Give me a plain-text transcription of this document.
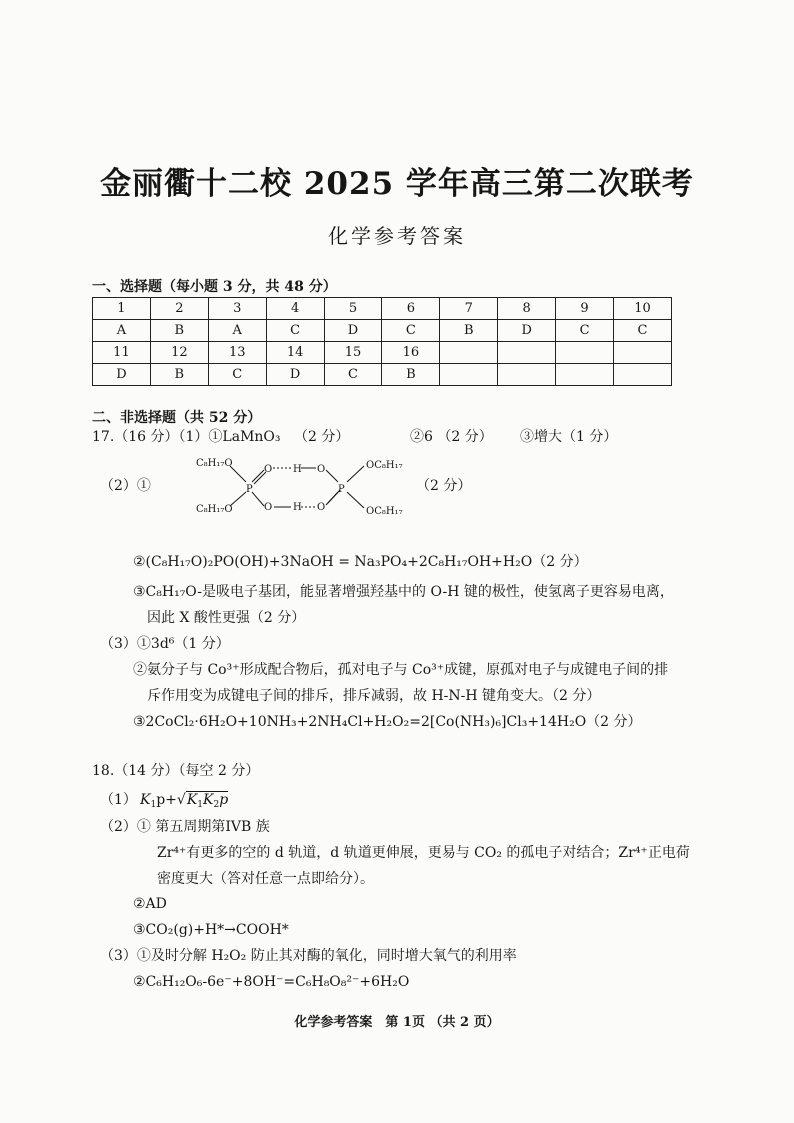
金丽衢十二校 2025 学年高三第二次联考
化学参考答案
一、选择题（每小题 3 分，共 48 分）
1	2	3	4	5	6	7	8	9	10
A	B	A	C	D	C	B	D	C	C
11	12	13	14	15	16				
D	B	C	D	C	B				
二、非选择题（共 52 分）
17.（16 分）（1）①LaMnO₃ （2 分）	②6 （2 分） ③增大（1 分）
（2）①
C₈H₁₇O
C₈H₁₇O
P
O H O
O H O
P
OC₈H₁₇
OC₈H₁₇
（2 分）
②(C₈H₁₇O)₂PO(OH)+3NaOH = Na₃PO₄+2C₈H₁₇OH+H₂O（2 分）
③C₈H₁₇O-是吸电子基团，能显著增强羟基中的 O-H 键的极性，使氢离子更容易电离，
因此 X 酸性更强（2 分）
（3）①3d⁶（1 分）
②氨分子与 Co³⁺形成配合物后，孤对电子与 Co³⁺成键，原孤对电子与成键电子间的排
斥作用变为成键电子间的排斥，排斥减弱，故 H-N-H 键角变大。（2 分）
③2CoCl₂·6H₂O+10NH₃+2NH₄Cl+H₂O₂=2[Co(NH₃)₆]Cl₃+14H₂O（2 分）
18.（14 分）（每空 2 分）
（1） $K_1p+√K_1K_2p$
（2）① 第五周期第IVB 族
Zr⁴⁺有更多的空的 d 轨道，d 轨道更伸展，更易与 CO₂ 的孤电子对结合；Zr⁴⁺正电荷
密度更大（答对任意一点即给分）。
②AD
③CO₂(g)+H*→COOH*
（3）①及时分解 H₂O₂ 防止其对酶的氧化，同时增大氧气的利用率
②C₆H₁₂O₆-6e⁻+8OH⁻=C₆H₈O₈²⁻+6H₂O
化学参考答案　第 1页 （共 2 页）
